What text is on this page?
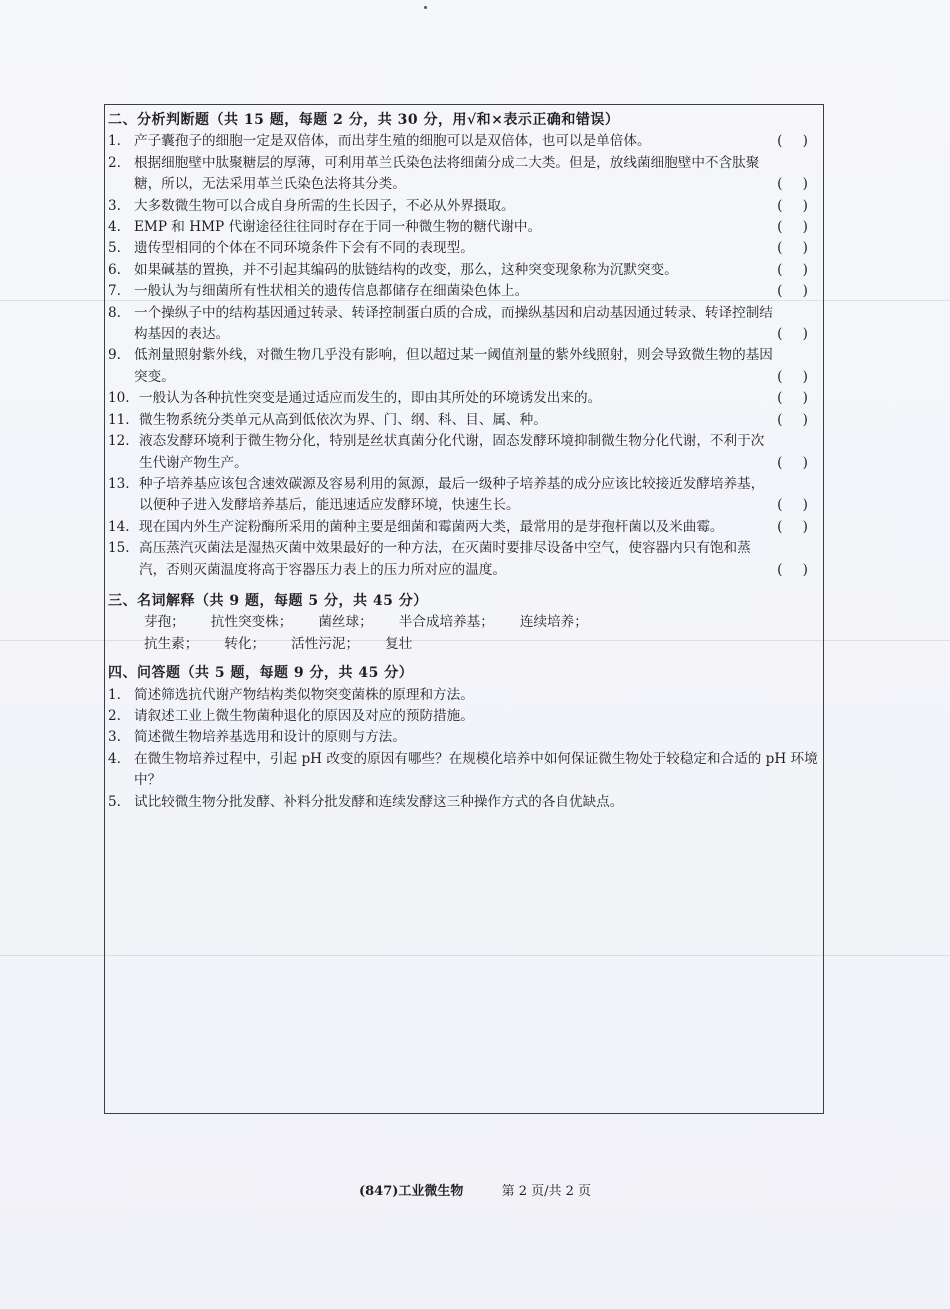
二、分析判断题（共 15 题，每题 2 分，共 30 分，用√和×表示正确和错误）
1. 产子囊孢子的细胞一定是双倍体，而出芽生殖的细胞可以是双倍体，也可以是单倍体。	( )
2. 根据细胞壁中肽聚糖层的厚薄，可利用革兰氏染色法将细菌分成二大类。但是，放线菌细胞壁中不含肽聚糖，所以，无法采用革兰氏染色法将其分类。	( )
3. 大多数微生物可以合成自身所需的生长因子，不必从外界摄取。	( )
4. EMP 和 HMP 代谢途径往往同时存在于同一种微生物的糖代谢中。	( )
5. 遗传型相同的个体在不同环境条件下会有不同的表现型。	( )
6. 如果碱基的置换，并不引起其编码的肽链结构的改变，那么，这种突变现象称为沉默突变。	( )
7. 一般认为与细菌所有性状相关的遗传信息都储存在细菌染色体上。	( )
8. 一个操纵子中的结构基因通过转录、转译控制蛋白质的合成，而操纵基因和启动基因通过转录、转译控制结构基因的表达。	( )
9. 低剂量照射紫外线，对微生物几乎没有影响，但以超过某一阈值剂量的紫外线照射，则会导致微生物的基因突变。	( )
10. 一般认为各种抗性突变是通过适应而发生的，即由其所处的环境诱发出来的。	( )
11. 微生物系统分类单元从高到低依次为界、门、纲、科、目、属、种。	( )
12. 液态发酵环境利于微生物分化，特别是丝状真菌分化代谢，固态发酵环境抑制微生物分化代谢，不利于次生代谢产物生产。	( )
13. 种子培养基应该包含速效碳源及容易利用的氮源，最后一级种子培养基的成分应该比较接近发酵培养基，以便种子进入发酵培养基后，能迅速适应发酵环境，快速生长。	( )
14. 现在国内外生产淀粉酶所采用的菌种主要是细菌和霉菌两大类，最常用的是芽孢杆菌以及米曲霉。	( )
15. 高压蒸汽灭菌法是湿热灭菌中效果最好的一种方法，在灭菌时要排尽设备中空气，使容器内只有饱和蒸汽，否则灭菌温度将高于容器压力表上的压力所对应的温度。	( )
三、名词解释（共 9 题，每题 5 分，共 45 分）
芽孢； 抗性突变株； 菌丝球； 半合成培养基； 连续培养；
抗生素； 转化； 活性污泥； 复壮
四、问答题（共 5 题，每题 9 分，共 45 分）
1. 简述筛选抗代谢产物结构类似物突变菌株的原理和方法。
2. 请叙述工业上微生物菌种退化的原因及对应的预防措施。
3. 简述微生物培养基选用和设计的原则与方法。
4. 在微生物培养过程中，引起 pH 改变的原因有哪些？在规模化培养中如何保证微生物处于较稳定和合适的 pH 环境中？
5. 试比较微生物分批发酵、补料分批发酵和连续发酵这三种操作方式的各自优缺点。
(847)工业微生物	第 2 页/共 2 页
